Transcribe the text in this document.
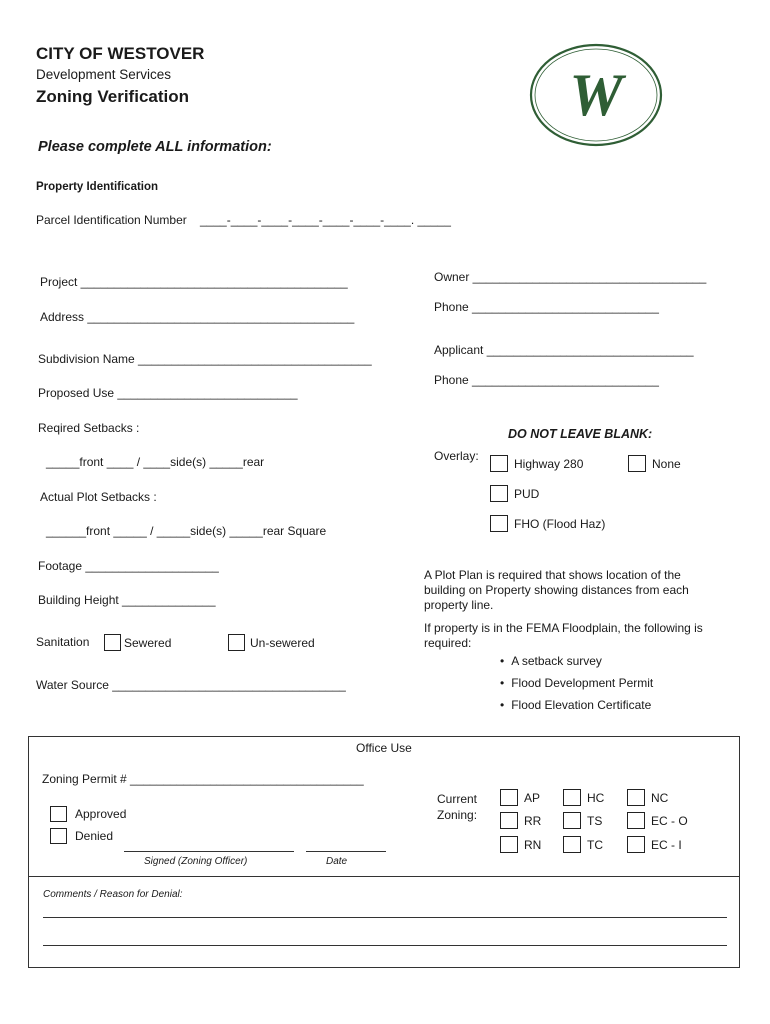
CITY OF WESTOVER
Development Services
Zoning Verification	W
Please complete ALL information:
Property Identification
Parcel Identification Number ____-____-____-____-____-____-____. _____
Project ________________________________________
Address ________________________________________
Subdivision Name ___________________________________
Proposed Use ___________________________
Reqired Setbacks :
_____front ____ / ____side(s) _____rear
Actual Plot Setbacks :
______front _____ / _____side(s) _____rear Square
Footage ____________________
Building Height ______________
Sanitation	Sewered	Un-sewered
Water Source ___________________________________
Owner ___________________________________
Phone ____________________________
Applicant _______________________________
Phone ____________________________
DO NOT LEAVE BLANK:
Overlay:
Highway 280	None
PUD
FHO (Flood Haz)
A Plot Plan is required that shows location of the building on Property showing distances from each property line.
If property is in the FEMA Floodplain, the following is required:
• A setback survey
• Flood Development Permit
• Flood Elevation Certificate
Office Use
Zoning Permit # ___________________________________
Approved
Denied
Signed (Zoning Officer)	Date
Current
Zoning:
AP	HC	NC
RR	TS	EC - O
RN	TC	EC - I
Comments / Reason for Denial:
